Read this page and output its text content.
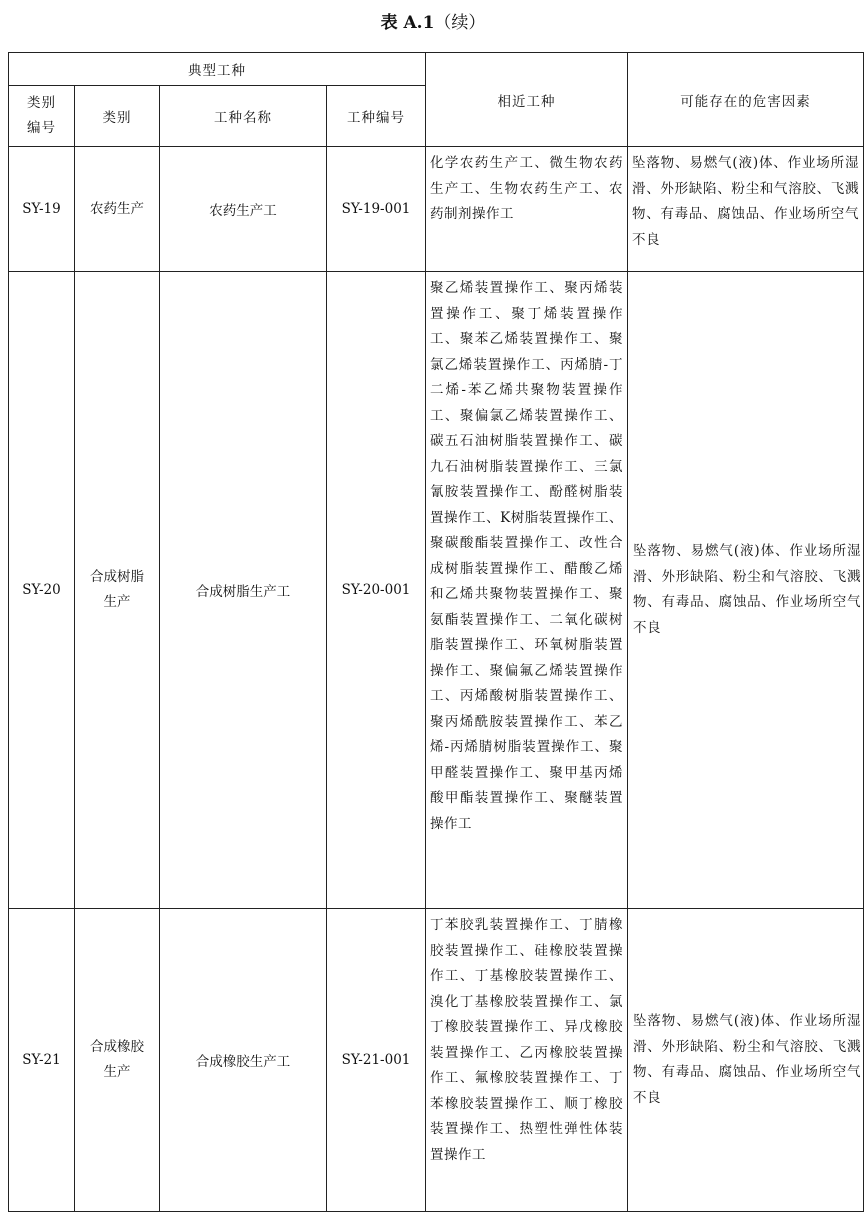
表 A.1（续）
典型工种				相近工种	可能存在的危害因素
类别编号	类别	工种名称	工种编号		
SY-19	农药生产	农药生产工	SY-19-001	化学农药生产工、微生物农药生产工、生物农药生产工、农药制剂操作工	坠落物、易燃气(液)体、作业场所湿滑、外形缺陷、粉尘和气溶胶、飞溅物、有毒品、腐蚀品、作业场所空气不良
SY-20	合成树脂生产	合成树脂生产工	SY-20-001	聚乙烯装置操作工、聚丙烯装置操作工、聚丁烯装置操作工、聚苯乙烯装置操作工、聚氯乙烯装置操作工、丙烯腈-丁二烯-苯乙烯共聚物装置操作工、聚偏氯乙烯装置操作工、碳五石油树脂装置操作工、碳九石油树脂装置操作工、三氯氰胺装置操作工、酚醛树脂装置操作工、K树脂装置操作工、聚碳酸酯装置操作工、改性合成树脂装置操作工、醋酸乙烯和乙烯共聚物装置操作工、聚氨酯装置操作工、二氧化碳树脂装置操作工、环氧树脂装置操作工、聚偏氟乙烯装置操作工、丙烯酸树脂装置操作工、聚丙烯酰胺装置操作工、苯乙烯-丙烯腈树脂装置操作工、聚甲醛装置操作工、聚甲基丙烯酸甲酯装置操作工、聚醚装置操作工	坠落物、易燃气(液)体、作业场所湿滑、外形缺陷、粉尘和气溶胶、飞溅物、有毒品、腐蚀品、作业场所空气不良
SY-21	合成橡胶生产	合成橡胶生产工	SY-21-001	丁苯胶乳装置操作工、丁腈橡胶装置操作工、硅橡胶装置操作工、丁基橡胶装置操作工、溴化丁基橡胶装置操作工、氯丁橡胶装置操作工、异戊橡胶装置操作工、乙丙橡胶装置操作工、氟橡胶装置操作工、丁苯橡胶装置操作工、顺丁橡胶装置操作工、热塑性弹性体装置操作工	坠落物、易燃气(液)体、作业场所湿滑、外形缺陷、粉尘和气溶胶、飞溅物、有毒品、腐蚀品、作业场所空气不良
